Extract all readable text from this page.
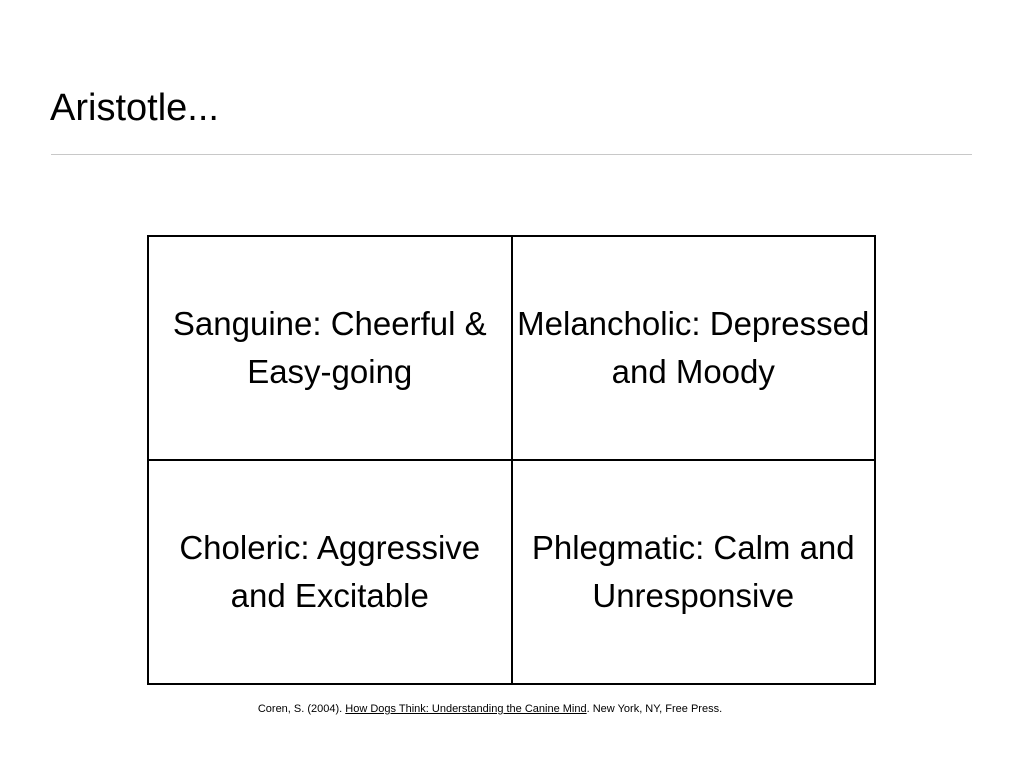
Aristotle...
Sanguine: Cheerful & Easy-going	Melancholic: Depressed and Moody
Choleric: Aggressive and Excitable	Phlegmatic: Calm and Unresponsive
Coren, S. (2004). How Dogs Think: Understanding the Canine Mind. New York, NY, Free Press.
